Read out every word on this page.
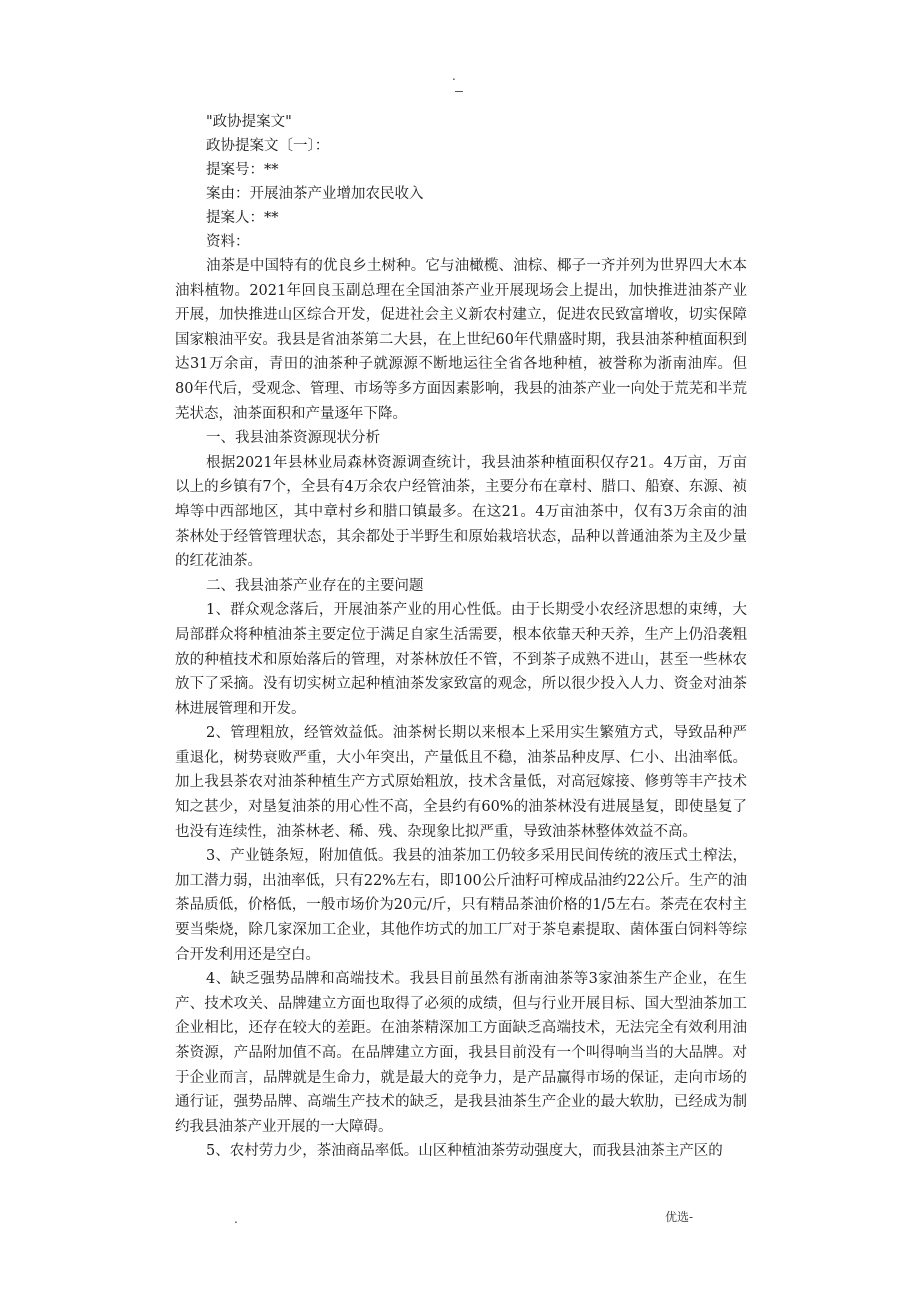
.
"政协提案文"
政协提案文〔一〕：
提案号：**
案由：开展油茶产业增加农民收入
提案人：**
资料：

油茶是中国特有的优良乡土树种。它与油橄榄、油棕、椰子一齐并列为世界四大木本油料植物。2021年回良玉副总理在全国油茶产业开展现场会上提出，加快推进油茶产业开展，加快推进山区综合开发，促进社会主义新农村建立，促进农民致富增收，切实保障国家粮油平安。我县是省油茶第二大县，在上世纪60年代鼎盛时期，我县油茶种植面积到达31万余亩，青田的油茶种子就源源不断地运往全省各地种植，被誉称为浙南油库。但80年代后，受观念、管理、市场等多方面因素影响，我县的油茶产业一向处于荒芜和半荒芜状态，油茶面积和产量逐年下降。

一、我县油茶资源现状分析

根据2021年县林业局森林资源调查统计，我县油茶种植面积仅存21。4万亩，万亩以上的乡镇有7个，全县有4万余农户经管油茶，主要分布在章村、腊口、船寮、东源、祯埠等中西部地区，其中章村乡和腊口镇最多。在这21。4万亩油茶中，仅有3万余亩的油茶林处于经管管理状态，其余都处于半野生和原始栽培状态，品种以普通油茶为主及少量的红花油茶。

二、我县油茶产业存在的主要问题

1、群众观念落后，开展油茶产业的用心性低。由于长期受小农经济思想的束缚，大局部群众将种植油茶主要定位于满足自家生活需要，根本依靠天种天养，生产上仍沿袭粗放的种植技术和原始落后的管理，对茶林放任不管，不到茶子成熟不进山，甚至一些林农放下了采摘。没有切实树立起种植油茶发家致富的观念，所以很少投入人力、资金对油茶林进展管理和开发。

2、管理粗放，经管效益低。油茶树长期以来根本上采用实生繁殖方式，导致品种严重退化，树势衰败严重，大小年突出，产量低且不稳，油茶品种皮厚、仁小、出油率低。加上我县茶农对油茶种植生产方式原始粗放，技术含量低，对高冠嫁接、修剪等丰产技术知之甚少，对垦复油茶的用心性不高，全县约有60%的油茶林没有进展垦复，即使垦复了也没有连续性，油茶林老、稀、残、杂现象比拟严重，导致油茶林整体效益不高。

3、产业链条短，附加值低。我县的油茶加工仍较多采用民间传统的液压式土榨法，加工潜力弱，出油率低，只有22%左右，即100公斤油籽可榨成品油约22公斤。生产的油茶品质低，价格低，一般市场价为20元/斤，只有精品茶油价格的1/5左右。茶壳在农村主要当柴烧，除几家深加工企业，其他作坊式的加工厂对于茶皂素提取、菌体蛋白饲料等综合开发利用还是空白。

4、缺乏强势品牌和高端技术。我县目前虽然有浙南油茶等3家油茶生产企业，在生产、技术攻关、品牌建立方面也取得了必须的成绩，但与行业开展目标、国大型油茶加工企业相比，还存在较大的差距。在油茶精深加工方面缺乏高端技术，无法完全有效利用油茶资源，产品附加值不高。在品牌建立方面，我县目前没有一个叫得响当当的大品牌。对于企业而言，品牌就是生命力，就是最大的竞争力，是产品赢得市场的保证，走向市场的通行证，强势品牌、高端生产技术的缺乏，是我县油茶生产企业的最大软肋，已经成为制约我县油茶产业开展的一大障碍。

5、农村劳力少，茶油商品率低。山区种植油茶劳动强度大，而我县油茶主产区的

.	优选-
